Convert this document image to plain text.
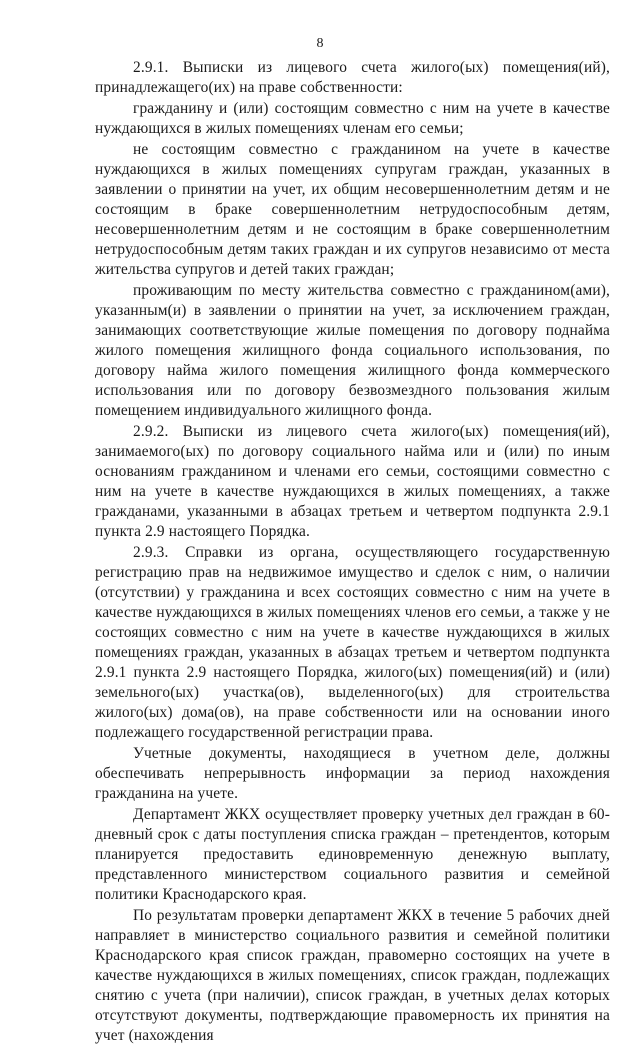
8

2.9.1. Выписки из лицевого счета жилого(ых) помещения(ий), принадлежащего(их) на праве собственности:

гражданину и (или) состоящим совместно с ним на учете в качестве нуждающихся в жилых помещениях членам его семьи;

не состоящим совместно с гражданином на учете в качестве нуждающихся в жилых помещениях супругам граждан, указанных в заявлении о принятии на учет, их общим несовершеннолетним детям и не состоящим в браке совершеннолетним нетрудоспособным детям, несовершеннолетним детям и не состоящим в браке совершеннолетним нетрудоспособным детям таких граждан и их супругов независимо от места жительства супругов и детей таких граждан;

проживающим по месту жительства совместно с гражданином(ами), указанным(и) в заявлении о принятии на учет, за исключением граждан, занимающих соответствующие жилые помещения по договору поднайма жилого помещения жилищного фонда социального использования, по договору найма жилого помещения жилищного фонда коммерческого использования или по договору безвозмездного пользования жилым помещением индивидуального жилищного фонда.

2.9.2. Выписки из лицевого счета жилого(ых) помещения(ий), занимаемого(ых) по договору социального найма или и (или) по иным основаниям гражданином и членами его семьи, состоящими совместно с ним на учете в качестве нуждающихся в жилых помещениях, а также гражданами, указанными в абзацах третьем и четвертом подпункта 2.9.1 пункта 2.9 настоящего Порядка.

2.9.3. Справки из органа, осуществляющего государственную регистрацию прав на недвижимое имущество и сделок с ним, о наличии (отсутствии) у гражданина и всех состоящих совместно с ним на учете в качестве нуждающихся в жилых помещениях членов его семьи, а также у не состоящих совместно с ним на учете в качестве нуждающихся в жилых помещениях граждан, указанных в абзацах третьем и четвертом подпункта 2.9.1 пункта 2.9 настоящего Порядка, жилого(ых) помещения(ий) и (или) земельного(ых) участка(ов), выделенного(ых) для строительства жилого(ых) дома(ов), на праве собственности или на основании иного подлежащего государственной регистрации права.

Учетные документы, находящиеся в учетном деле, должны обеспечивать непрерывность информации за период нахождения гражданина на учете.

Департамент ЖКХ осуществляет проверку учетных дел граждан в 60-дневный срок с даты поступления списка граждан – претендентов, которым планируется предоставить единовременную денежную выплату, представленного министерством социального развития и семейной политики Краснодарского края.

По результатам проверки департамент ЖКХ в течение 5 рабочих дней направляет в министерство социального развития и семейной политики Краснодарского края список граждан, правомерно состоящих на учете в качестве нуждающихся в жилых помещениях, список граждан, подлежащих снятию с учета (при наличии), список граждан, в учетных делах которых отсутствуют документы, подтверждающие правомерность их принятия на учет (нахождения
